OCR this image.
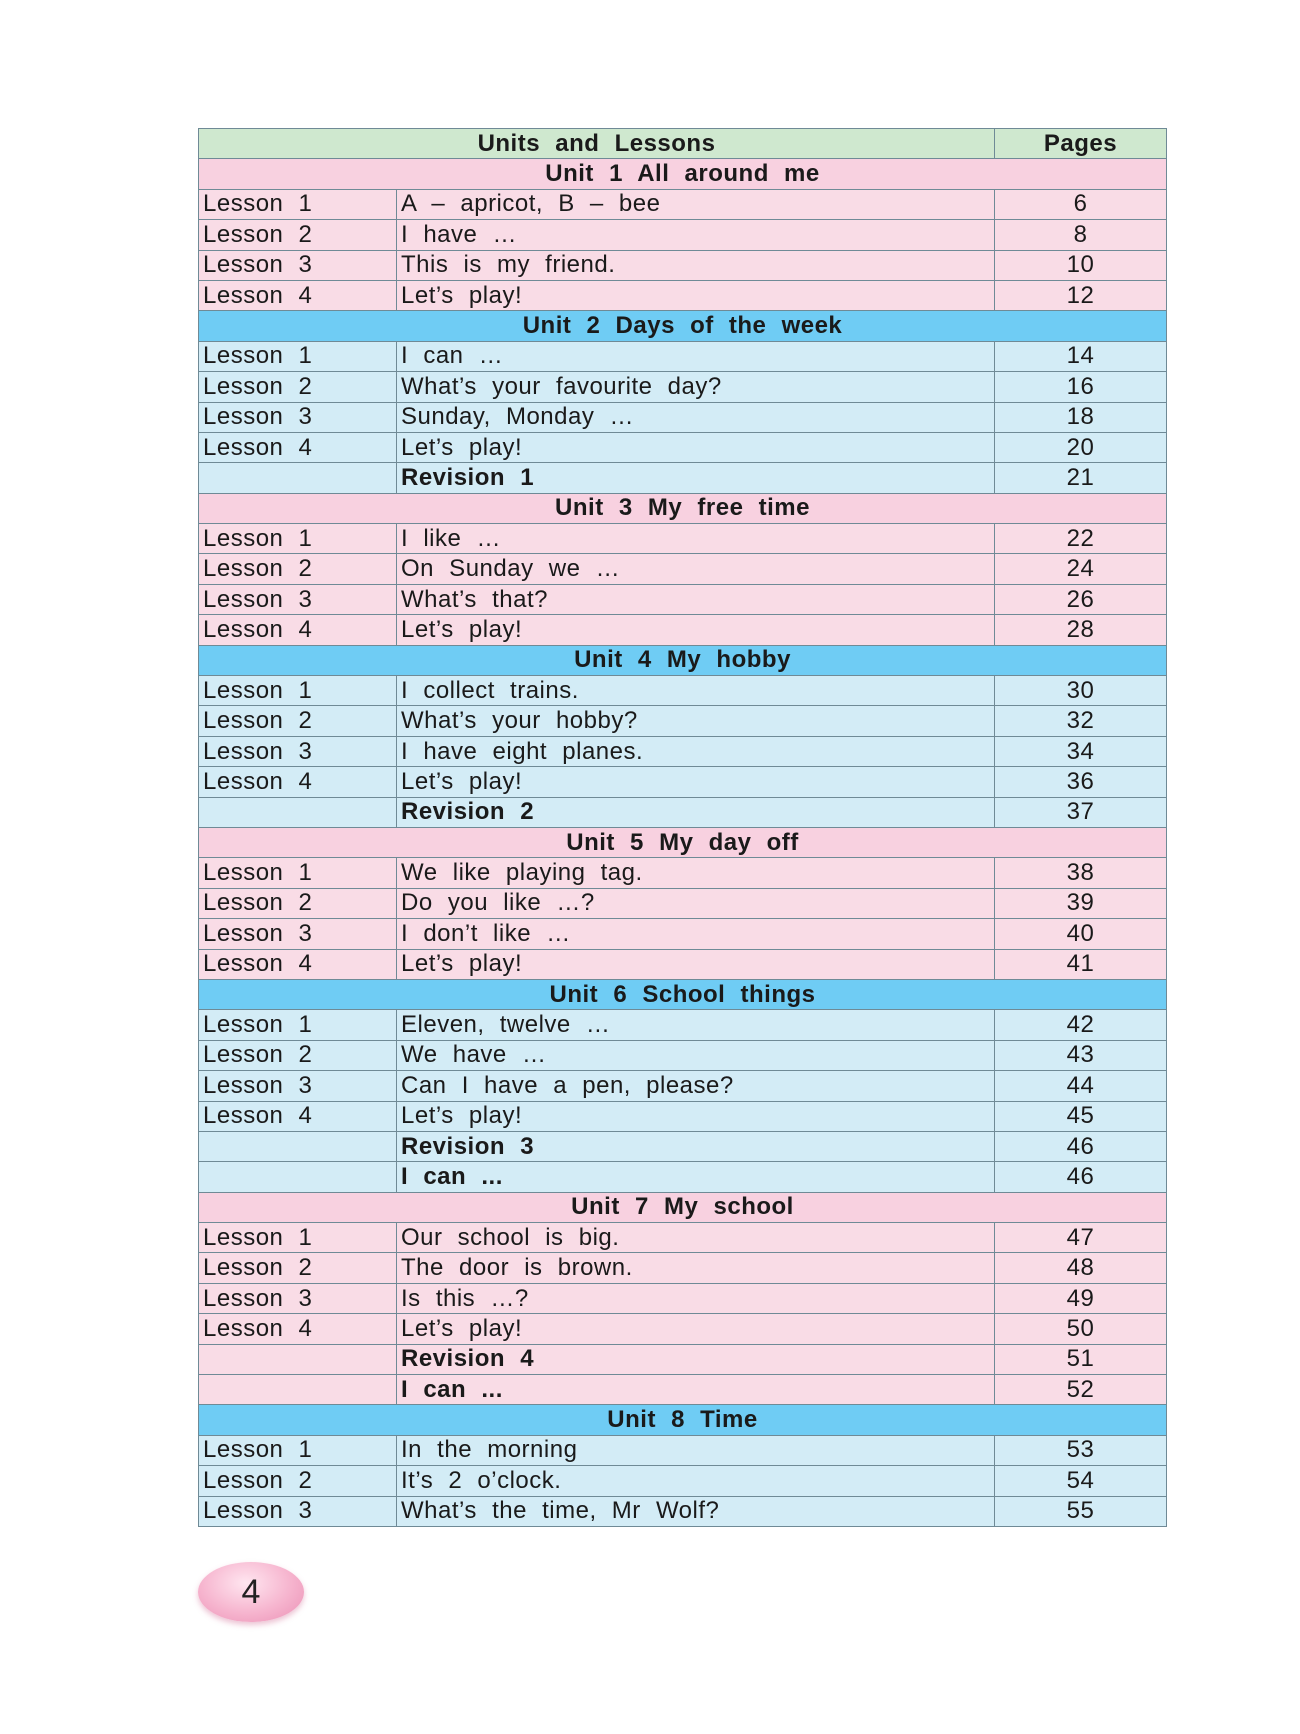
Units and Lessons		Pages
Unit 1 All around me		
Lesson 1	A – apricot, B – bee	6
Lesson 2	I have …	8
Lesson 3	This is my friend.	10
Lesson 4	Let’s play!	12
Unit 2 Days of the week		
Lesson 1	I can …	14
Lesson 2	What’s your favourite day?	16
Lesson 3	Sunday, Monday …	18
Lesson 4	Let’s play!	20
	Revision 1	21
Unit 3 My free time		
Lesson 1	I like …	22
Lesson 2	On Sunday we …	24
Lesson 3	What’s that?	26
Lesson 4	Let’s play!	28
Unit 4 My hobby		
Lesson 1	I collect trains.	30
Lesson 2	What’s your hobby?	32
Lesson 3	I have eight planes.	34
Lesson 4	Let’s play!	36
	Revision 2	37
Unit 5 My day off		
Lesson 1	We like playing tag.	38
Lesson 2	Do you like …?	39
Lesson 3	I don’t like …	40
Lesson 4	Let’s play!	41
Unit 6 School things		
Lesson 1	Eleven, twelve …	42
Lesson 2	We have …	43
Lesson 3	Can I have a pen, please?	44
Lesson 4	Let’s play!	45
	Revision 3	46
	I can ...	46
Unit 7 My school		
Lesson 1	Our school is big.	47
Lesson 2	The door is brown.	48
Lesson 3	Is this …?	49
Lesson 4	Let’s play!	50
	Revision 4	51
	I can ...	52
Unit 8 Time		
Lesson 1	In the morning	53
Lesson 2	It’s 2 o’clock.	54
Lesson 3	What’s the time, Mr Wolf?	55
4
